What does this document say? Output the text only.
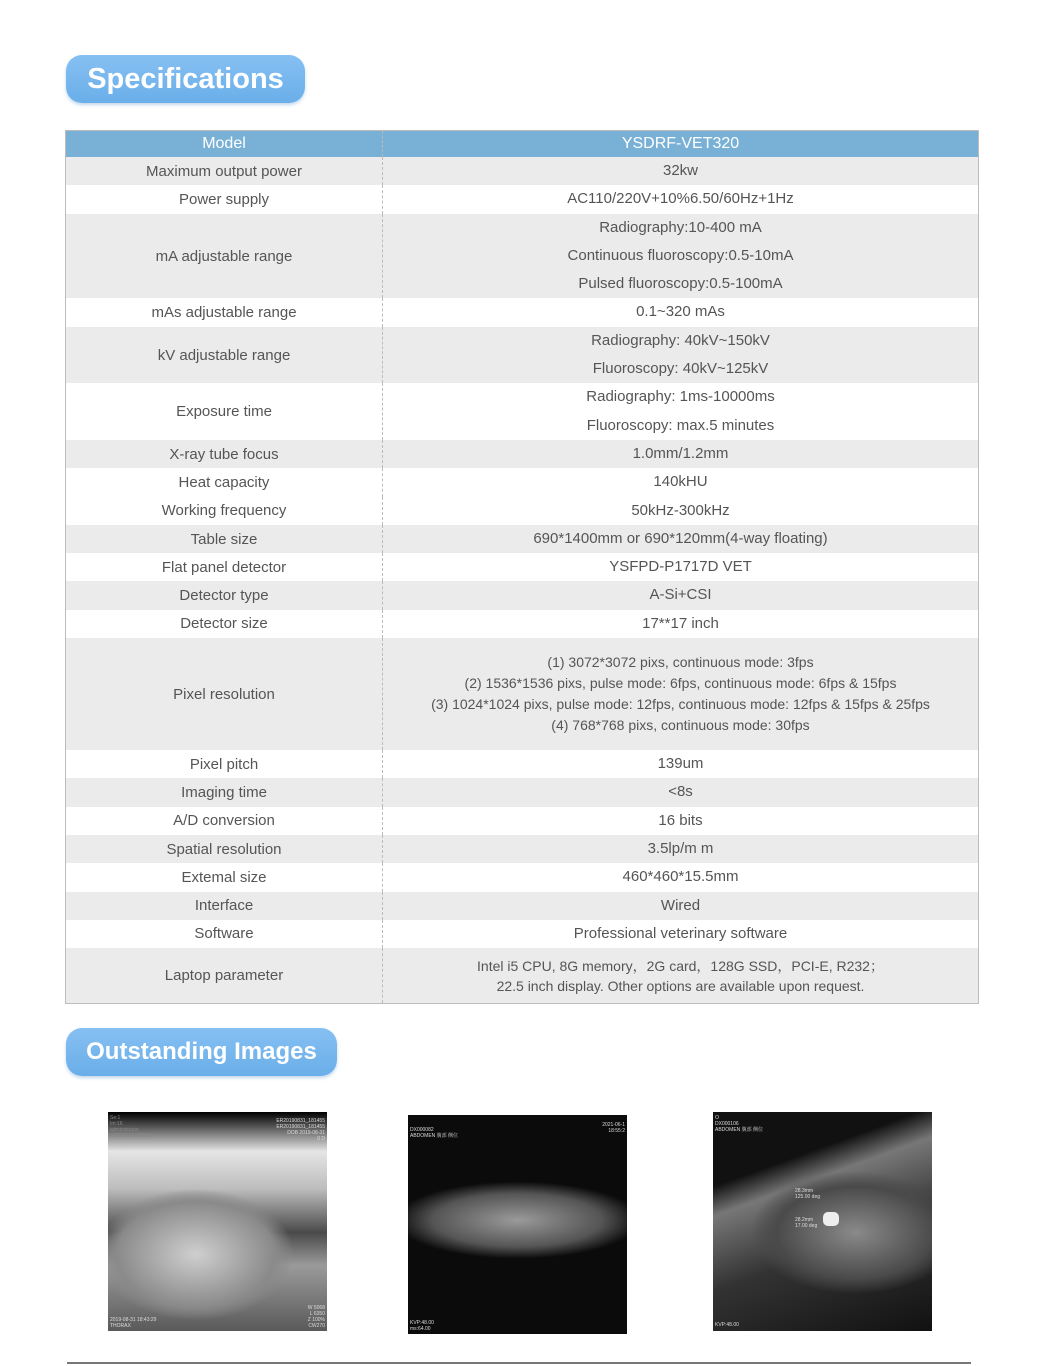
Specifications
Model	YSDRF-VET320
Maximum output power	32kw

Power supply	AC110/220V+10%6.50/60Hz+1Hz

mA adjustable range	Radiography:10-400 mA
Continuous fluoroscopy:0.5-10mA
Pulsed fluoroscopy:0.5-100mA

mAs adjustable range	0.1~320 mAs

kV adjustable range	Radiography: 40kV~150kV
Fluoroscopy: 40kV~125kV

Exposure time	Radiography: 1ms-10000ms
Fluoroscopy: max.5 minutes

X-ray tube focus	1.0mm/1.2mm

Heat capacity	140kHU

Working frequency	50kHz-300kHz

Table size	690*1400mm or 690*120mm(4-way floating)

Flat panel detector	YSFPD-P1717D VET

Detector type	A-Si+CSI

Detector size	17**17 inch

Pixel resolution	(1) 3072*3072 pixs, continuous mode: 3fps
(2) 1536*1536 pixs, pulse mode: 6fps, continuous mode: 6fps & 15fps
(3) 1024*1024 pixs, pulse mode: 12fps, continuous mode: 12fps & 15fps & 25fps
(4) 768*768 pixs, continuous mode: 30fps

Pixel pitch	139um

Imaging time	<8s

A/D conversion	16 bits

Spatial resolution	3.5lp/m m

Extemal size	460*460*15.5mm

Interface	Wired

Software	Professional veterinary software

Laptop parameter	Intel i5 CPU, 8G memory，2G card，128G SSD，PCI-E, R232；
22.5 inch display. Other options are available upon request.
Outstanding Images
Se:1
Im:16
administrator
190831181455006
ER20190831_181455
ER20190831_181455
DOB 2019-08-31
0 D
2019-08-31 18:43:29
THORAX
W 5068
L 6350
Z 100%
CW270
DX000082
ABDOMEN 腹部 侧位
2021-06-1
18:55:2
KVP:48.00
ms:64.00
O
DX000106
ABDOMEN 腹部 侧位
28.3mm
125.00 deg
28.2mm
17.00 deg
KVP:48.00
